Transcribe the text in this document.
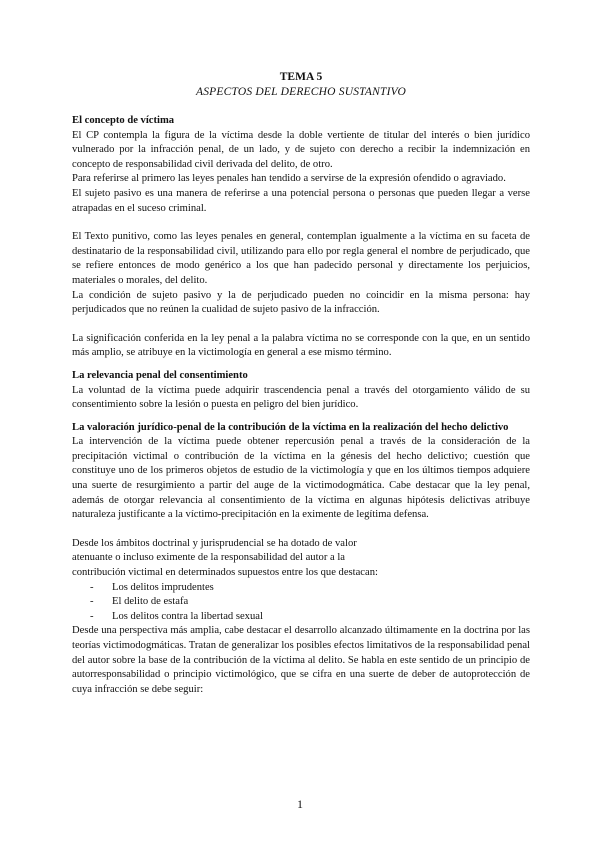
TEMA 5
ASPECTOS DEL DERECHO SUSTANTIVO
El concepto de víctima

El CP contempla la figura de la víctima desde la doble vertiente de titular del interés o bien jurídico vulnerado por la infracción penal, de un lado, y de sujeto con derecho a recibir la indemnización en concepto de responsabilidad civil derivada del delito, de otro.

Para referirse al primero las leyes penales han tendido a servirse de la expresión ofendido o agraviado.

El sujeto pasivo es una manera de referirse a una potencial persona o personas que pueden llegar a verse atrapadas en el suceso criminal.

El Texto punitivo, como las leyes penales en general, contemplan igualmente a la víctima en su faceta de destinatario de la responsabilidad civil, utilizando para ello por regla general el nombre de perjudicado, que se refiere entonces de modo genérico a los que han padecido personal y directamente los perjuicios, materiales o morales, del delito.

La condición de sujeto pasivo y la de perjudicado pueden no coincidir en la misma persona: hay perjudicados que no reúnen la cualidad de sujeto pasivo de la infracción.

La significación conferida en la ley penal a la palabra víctima no se corresponde con la que, en un sentido más amplio, se atribuye en la victimología en general a ese mismo término.

La relevancia penal del consentimiento

La voluntad de la víctima puede adquirir trascendencia penal a través del otorgamiento válido de su consentimiento sobre la lesión o puesta en peligro del bien jurídico.

La valoración jurídico-penal de la contribución de la víctima en la realización del hecho delictivo

La intervención de la víctima puede obtener repercusión penal a través de la consideración de la precipitación victimal o contribución de la víctima en la génesis del hecho delictivo; cuestión que constituye uno de los primeros objetos de estudio de la victimología y que en los últimos tiempos adquiere una suerte de resurgimiento a partir del auge de la victimodogmática. Cabe destacar que la ley penal, además de otorgar relevancia al consentimiento de la víctima en algunas hipótesis delictivas atribuye naturaleza justificante a la víctimo-precipitación en la eximente de legítima defensa.

Desde los ámbitos doctrinal y jurisprudencial se ha dotado de valor

atenuante o incluso eximente de la responsabilidad del autor a la

contribución victimal en determinados supuestos entre los que destacan:

- Los delitos imprudentes
- El delito de estafa
- Los delitos contra la libertad sexual

Desde una perspectiva más amplia, cabe destacar el desarrollo alcanzado últimamente en la doctrina por las teorías victimodogmáticas. Tratan de generalizar los posibles efectos limitativos de la responsabilidad penal del autor sobre la base de la contribución de la víctima al delito. Se habla en este sentido de un principio de autorresponsabilidad o principio victimológico, que se cifra en una suerte de deber de autoprotección de cuya infracción se debe seguir:

1
